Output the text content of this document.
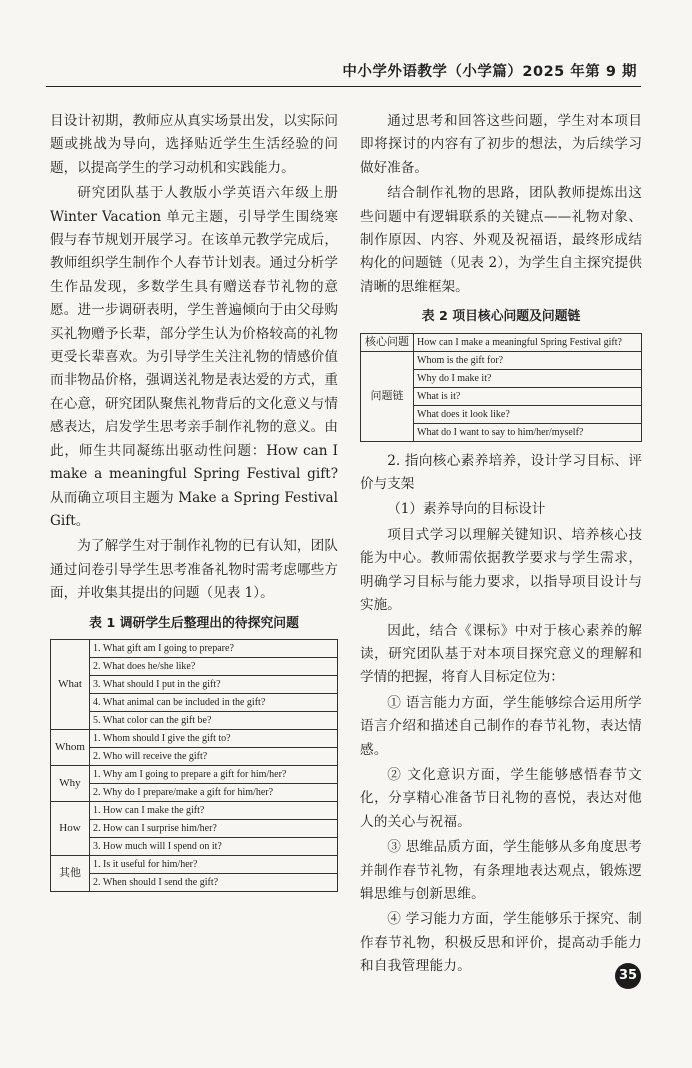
中小学外语教学（小学篇）2025 年第 9 期

目设计初期，教师应从真实场景出发，以实际问题或挑战为导向，选择贴近学生生活经验的问题，以提高学生的学习动机和实践能力。

研究团队基于人教版小学英语六年级上册 Winter Vacation 单元主题，引导学生围绕寒假与春节规划开展学习。在该单元教学完成后，教师组织学生制作个人春节计划表。通过分析学生作品发现，多数学生具有赠送春节礼物的意愿。进一步调研表明，学生普遍倾向于由父母购买礼物赠予长辈，部分学生认为价格较高的礼物更受长辈喜欢。为引导学生关注礼物的情感价值而非物品价格，强调送礼物是表达爱的方式，重在心意，研究团队聚焦礼物背后的文化意义与情感表达，启发学生思考亲手制作礼物的意义。由此，师生共同凝练出驱动性问题：How can I make a meaningful Spring Festival gift? 从而确立项目主题为 Make a Spring Festival Gift。

为了解学生对于制作礼物的已有认知，团队通过问卷引导学生思考准备礼物时需考虑哪些方面，并收集其提出的问题（见表 1）。

表 1 调研学生后整理出的待探究问题
What	1. What gift am I going to prepare?
2. What does he/she like?
3. What should I put in the gift?
4. What animal can be included in the gift?
5. What color can the gift be?

Whom	1. Whom should I give the gift to?
2. Who will receive the gift?

Why	1. Why am I going to prepare a gift for him/her?
2. Why do I prepare/make a gift for him/her?

How	1. How can I make the gift?
2. How can I surprise him/her?
3. How much will I spend on it?

其他	1. Is it useful for him/her?
2. When should I send the gift?

通过思考和回答这些问题，学生对本项目即将探讨的内容有了初步的想法，为后续学习做好准备。

结合制作礼物的思路，团队教师提炼出这些问题中有逻辑联系的关键点——礼物对象、制作原因、内容、外观及祝福语，最终形成结构化的问题链（见表 2），为学生自主探究提供清晰的思维框架。

表 2 项目核心问题及问题链
核心问题	How can I make a meaningful Spring Festival gift?

问题链	Whom is the gift for?
Why do I make it?
What is it?
What does it look like?
What do I want to say to him/her/myself?

2. 指向核心素养培养，设计学习目标、评价与支架

（1）素养导向的目标设计

项目式学习以理解关键知识、培养核心技能为中心。教师需依据教学要求与学生需求，明确学习目标与能力要求，以指导项目设计与实施。

因此，结合《课标》中对于核心素养的解读，研究团队基于对本项目探究意义的理解和学情的把握，将育人目标定位为：

① 语言能力方面，学生能够综合运用所学语言介绍和描述自己制作的春节礼物，表达情感。

② 文化意识方面，学生能够感悟春节文化，分享精心准备节日礼物的喜悦，表达对他人的关心与祝福。

③ 思维品质方面，学生能够从多角度思考并制作春节礼物，有条理地表达观点，锻炼逻辑思维与创新思维。

④ 学习能力方面，学生能够乐于探究、制作春节礼物，积极反思和评价，提高动手能力和自我管理能力。

35
